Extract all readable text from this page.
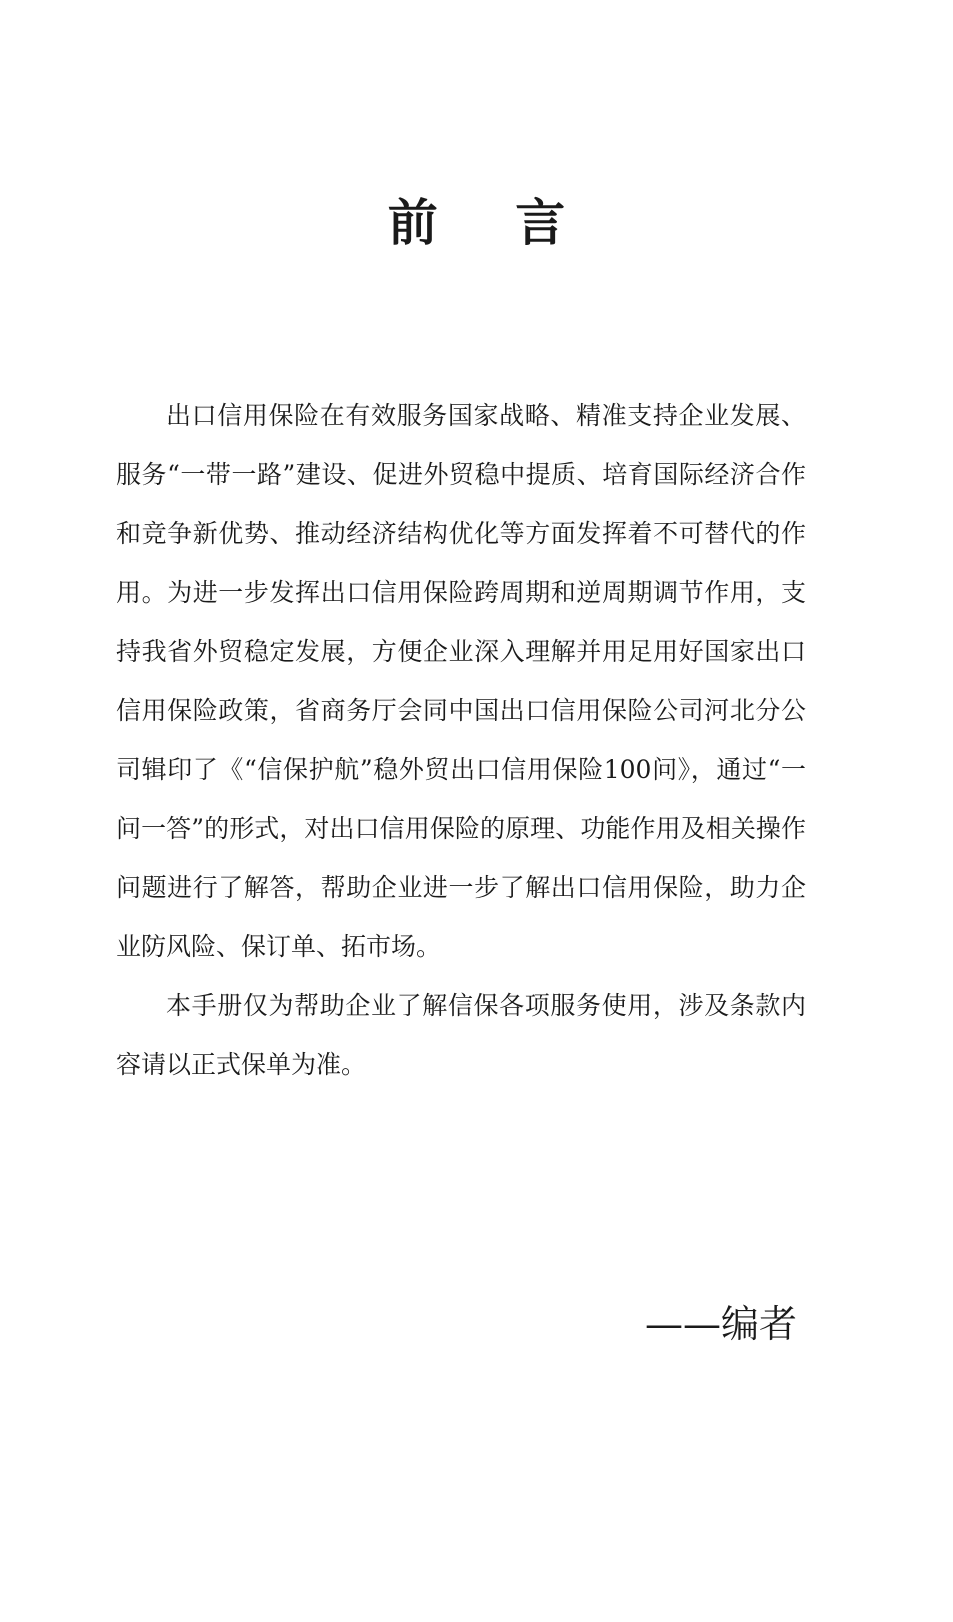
前 言

出口信用保险在有效服务国家战略、精准支持企业发展、服务“一带一路”建设、促进外贸稳中提质、培育国际经济合作和竞争新优势、推动经济结构优化等方面发挥着不可替代的作用。为进一步发挥出口信用保险跨周期和逆周期调节作用，支持我省外贸稳定发展，方便企业深入理解并用足用好国家出口信用保险政策，省商务厅会同中国出口信用保险公司河北分公司辑印了《“信保护航”稳外贸出口信用保险100问》，通过“一问一答”的形式，对出口信用保险的原理、功能作用及相关操作问题进行了解答，帮助企业进一步了解出口信用保险，助力企业防风险、保订单、拓市场。

本手册仅为帮助企业了解信保各项服务使用，涉及条款内容请以正式保单为准。

——编者
